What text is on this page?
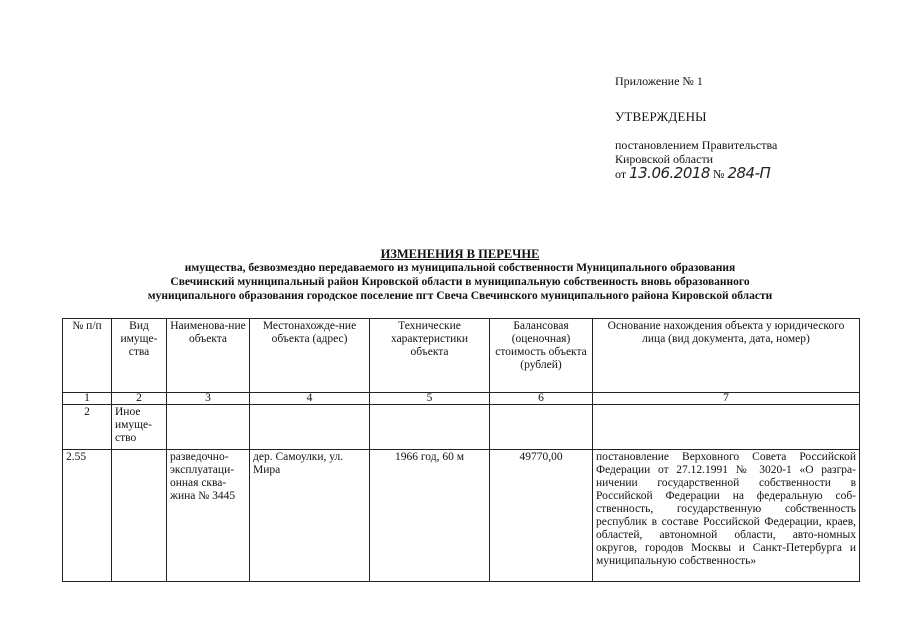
Приложение № 1
УТВЕРЖДЕНЫ
постановлением Правительства
Кировской области
от 13.06.2018 № 284-П
ИЗМЕНЕНИЯ В ПЕРЕЧНЕ
имущества, безвозмездно передаваемого из муниципальной собственности Муниципального образования
Свечинский муниципальный район Кировской области в муниципальную собственность вновь образованного
муниципального образования городское поселение пгт Свеча Свечинского муниципального района Кировской области
№ п/п	Вид имуще-ства	Наименова-ние объекта	Местонахожде-ние объекта (адрес)	Технические характеристики объекта	Балансовая (оценочная) стоимость объекта (рублей)	Основание нахождения объекта у юридического лица (вид документа, дата, номер)
1	2	3	4	5	6	7
2	Иное имуще-ство					
2.55		разведочно-эксплуатаци-онная сква-жина № 3445	дер. Самоулки, ул. Мира	1966 год, 60 м	49770,00	постановление Верховного Совета Российской Федерации от 27.12.1991 № 3020-1 «О разгра-ничении государственной собственности в Российской Федерации на федеральную соб-ственность, государственную собственность республик в составе Российской Федерации, краев, областей, автономной области, авто-номных округов, городов Москвы и Санкт-Петербурга и муниципальную собственность»
